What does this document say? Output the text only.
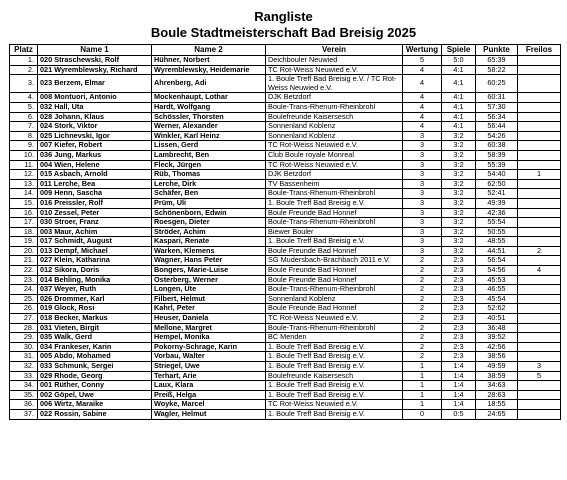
Rangliste
Boule Stadtmeisterschaft Bad Breisig 2025
Platz	Name 1	Name 2	Verein	Wertung	Spiele	Punkte	Freilos
1.	020 Straschewski, Rolf	Hühner, Norbert	Deichbouler Neuwied	5	5:0	65:39	
2.	021 Wyremblewsky, Richard	Wyremblewsky, Heidemarie	TC Rot-Weiss Neuwied e.V.	4	4:1	58:22	
3.	023 Berzem, Elmar	Ahrenberg, Adi	1. Boule Treff Bad Breisig e.V. / TC Rot-Weiss Neuwied e.V.	4	4:1	60:25	
4.	008 Montuori, Antonio	Mockenhaupt, Lothar	DJK Betzdorf	4	4:1	60:31	
5.	032 Hall, Uta	Hardt, Wolfgang	Boule-Trans-Rhenum-Rheinbrohl	4	4:1	57:30	
6.	028 Johann, Klaus	Schössler, Thorsten	Boulefreunde Kaisersesch	4	4:1	56:34	
7.	024 Stork, Viktor	Werner, Alexander	Sonnenland Koblenz	4	4:1	56:44	
8.	025 Lichnevski, Igor	Winkler, Karl Heinz	Sonnenland Koblenz	3	3:2	54:26	
9.	007 Kiefer, Robert	Lissen, Gerd	TC Rot-Weiss Neuwied e.V.	3	3:2	60:38	
10.	036 Jung, Markus	Lambrecht, Ben	Club Boule royale Monreal	3	3:2	58:39	
11.	004 Wien, Helene	Fleck, Jürgen	TC Rot-Weiss Neuwied e.V.	3	3:2	55:39	
12.	015 Asbach, Arnold	Rüb, Thomas	DJK Betzdorf	3	3:2	54:40	1
13.	011 Lerche, Bea	Lerche, Dirk	TV Bassenheim	3	3:2	62:50	
14.	009 Henn, Sascha	Schäfer, Ben	Boule-Trans-Rhenum-Rheinbrohl	3	3:2	52:41	
15.	016 Preissler, Rolf	Prüm, Uli	1. Boule Treff Bad Breisig e.V.	3	3:2	49:39	
16.	010 Zessel, Peter	Schönenborn, Edwin	Boule Freunde Bad Honnef	3	3:2	42:36	
17.	030 Stroer, Franz	Roesgen, Dieter	Boule-Trans-Rhenum-Rheinbrohl	3	3:2	55:54	
18.	003 Maur, Achim	Ströder, Achim	Biewer Bouler	3	3:2	50:55	
19.	017 Schmidt, August	Kaspari, Renate	1. Boule Treff Bad Breisig e.V.	3	3:2	48:55	
20.	013 Dempf, Michael	Warken, Klemens	Boule Freunde Bad Honnef	3	3:2	44:51	2
21.	027 Klein, Katharina	Wagner, Hans Peter	SG Mudersbach-Brachbach 2011 e.V.	2	2:3	56:54	
22.	012 Sikora, Doris	Bongers, Marie-Luise	Boule Freunde Bad Honnef	2	2:3	54:56	4
23.	014 Behling, Monika	Osterberg, Werner	Boule Freunde Bad Honnef	2	2:3	45:53	
24.	037 Weyer, Ruth	Longen, Ute	Boule-Trans-Rhenum-Rheinbrohl	2	2:3	46:55	
25.	026 Drommer, Karl	Filbert, Helmut	Sonnenland Koblenz	2	2:3	45:54	
26.	019 Glock, Rosi	Kahrl, Peter	Boule Freunde Bad Honnef	2	2:3	52:62	
27.	018 Becker, Markus	Heuser, Daniela	TC Rot-Weiss Neuwied e.V.	2	2:3	40:51	
28.	031 Vieten, Birgit	Mellone, Margret	Boule-Trans-Rhenum-Rheinbrohl	2	2:3	36:48	
29.	035 Walk, Gerd	Hempel, Monika	BC Menden	2	2:3	39:52	
30.	034 Frankeser, Karin	Pokorny-Schrage, Karin	1. Boule Treff Bad Breisig e.V.	2	2:3	42:56	
31.	005 Abdo, Mohamed	Vorbau, Walter	1. Boule Treff Bad Breisig e.V.	2	2:3	38:56	
32.	033 Schmunk, Sergei	Striegel, Uwe	1. Boule Treff Bad Breisig e.V.	1	1:4	49:59	3
33.	029 Rhode, Georg	Terhart, Arie	Boulefreunde Kaisersesch	1	1:4	38:59	5
34.	001 Rüther, Conny	Laux, Klara	1. Boule Treff Bad Breisig e.V.	1	1:4	34:63	
35.	002 Göpel, Uwe	Preiß, Helga	1. Boule Treff Bad Breisig e.V.	1	1:4	28:63	
36.	006 Wirtz, Maraike	Woyke, Marcel	TC Rot-Weiss Neuwied e.V.	1	1:4	18:55	
37.	022 Rossin, Sabine	Wagler, Helmut	1. Boule Treff Bad Breisig e.V.	0	0:5	24:65	
